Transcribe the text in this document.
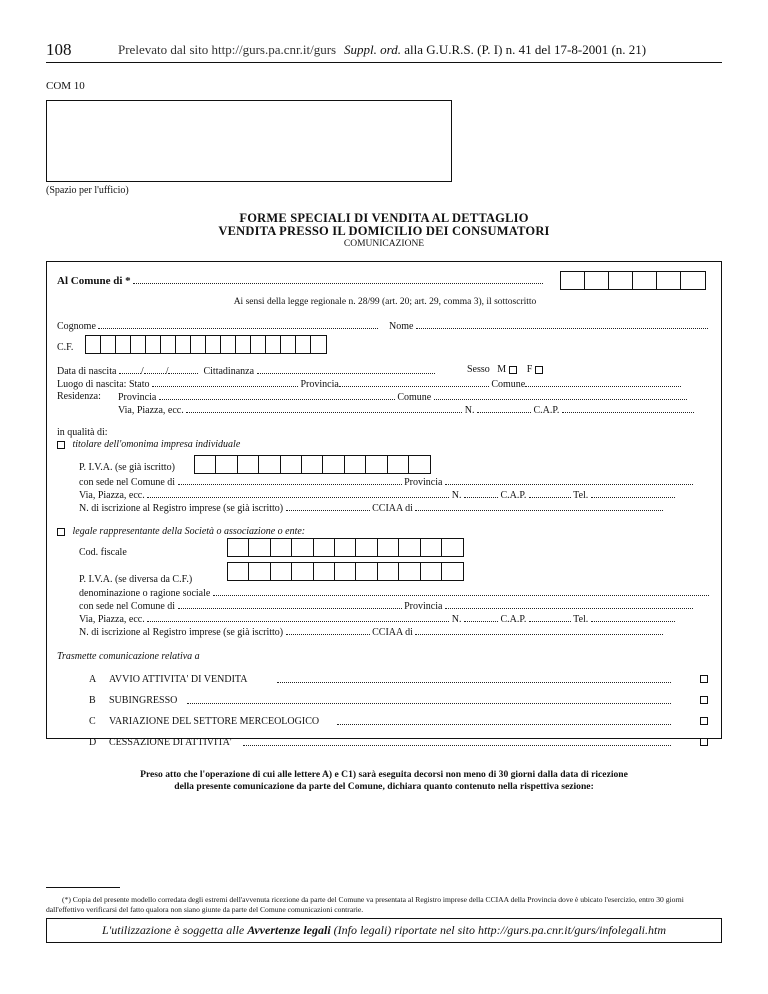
108	Prelevato dal sito http://gurs.pa.cnr.it/gurs Suppl. ord. alla G.U.R.S. (P. I) n. 41 del 17-8-2001 (n. 21)
COM 10
(Spazio per l'ufficio)
FORME SPECIALI DI VENDITA AL DETTAGLIO
VENDITA PRESSO IL DOMICILIO DEI CONSUMATORI
COMUNICAZIONE
Al Comune di *
Ai sensi della legge regionale n. 28/99 (art. 20; art. 29, comma 3), il sottoscritto
Cognome	Nome
C.F.
Data di nascita / /	Cittadinanza	Sesso M F
Luogo di nascita: Stato	Provincia	Comune
Residenza: Provincia	Comune
Via, Piazza, ecc.	N.	C.A.P.
in qualità di:
titolare dell'omonima impresa individuale
P. I.V.A. (se già iscritto)
con sede nel Comune di	Provincia
Via, Piazza, ecc.	N.	C.A.P.	Tel.
N. di iscrizione al Registro imprese (se già iscritto)	CCIAA di
legale rappresentante della Società o associazione o ente:
Cod. fiscale
P. I.V.A. (se diversa da C.F.)
denominazione o ragione sociale
con sede nel Comune di	Provincia
Via, Piazza, ecc.	N.	C.A.P.	Tel.
N. di iscrizione al Registro imprese (se già iscritto)	CCIAA di
Trasmette comunicazione relativa a
A AVVIO ATTIVITA' DI VENDITA
B SUBINGRESSO
C VARIAZIONE DEL SETTORE MERCEOLOGICO
D CESSAZIONE DI ATTIVITA'
Preso atto che l'operazione di cui alle lettere A) e C1) sarà eseguita decorsi non meno di 30 giorni dalla data di ricezione
della presente comunicazione da parte del Comune, dichiara quanto contenuto nella rispettiva sezione:
(*) Copia del presente modello corredata degli estremi dell'avvenuta ricezione da parte del Comune va presentata al Registro imprese della CCIAA della Provincia dove è ubicato l'esercizio, entro 30 giorni dall'effettivo verificarsi del fatto qualora non siano giunte da parte del Comune comunicazioni contrarie.
L'utilizzazione è soggetta alle Avvertenze legali (Info legali) riportate nel sito http://gurs.pa.cnr.it/gurs/infolegali.htm
